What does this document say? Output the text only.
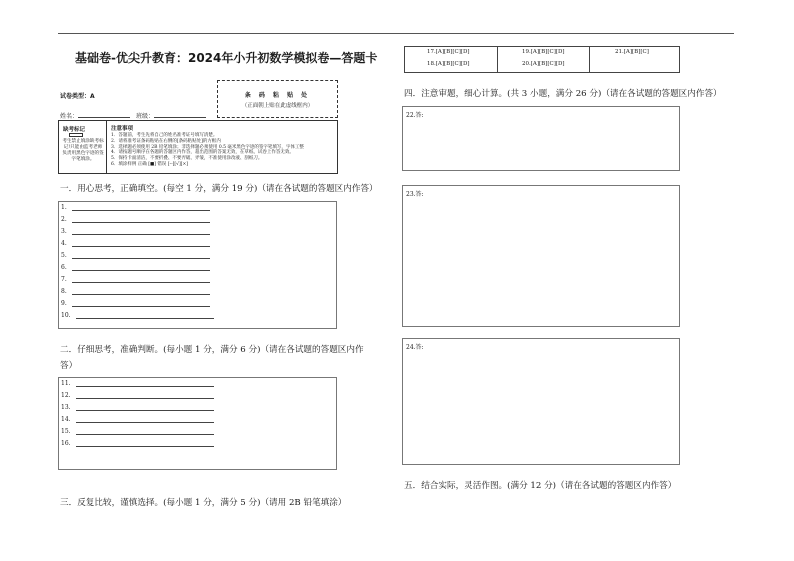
基础卷-优尖升教育：2024年小升初数学模拟卷—答题卡
试卷类型：A
姓名：	班级：
条 码 粘 贴 处
（正面朝上贴在此虚线框内）
缺考标记
考生禁止填涂缺考标记!只能由监考老师负责用黑色字迹的签字笔填涂。
注意事项
1．答题前，考生先将自己的姓名准考证号填写清楚。
2．请将准考证条码粘贴在右侧的[条码粘贴处]的方框内
3．选择题必须使用 2B 铅笔填涂；非选择题必须使用 0.5 毫米黑色字迹的签字笔填写，字体工整
4．请按题号顺序在各题的答题区内作答，超出范围的答案无效，在草纸、试卷上作答无效。
5．保持卡面清洁，不要折叠、不要弄破、弄皱，不准使用涂改液、刮纸刀。
6．填涂样例 正确 [■] 错误 [--][√][×]
一．用心思考，正确填空。(每空 1 分，满分 19 分)（请在各试题的答题区内作答）
1.
2.
3.
4.
5.
6.
7.
8.
9.
10.
二．仔细思考，准确判断。(每小题 1 分，满分 6 分)（请在各试题的答题区内作
答）
11.
12.
13.
14.
15.
16.
三．反复比较，谨慎选择。(每小题 1 分，满分 5 分)（请用 2B 铅笔填涂）
17.[A][B][C][D]
18.[A][B][C][D]
19.[A][B][C][D]
20.[A][B][C][D]
21.[A][B][C]
四．注意审题，细心计算。(共 3 小题，满分 26 分)（请在各试题的答题区内作答）
22.答:
23.答:
24.答:
五．结合实际，灵活作图。(满分 12 分)（请在各试题的答题区内作答）
